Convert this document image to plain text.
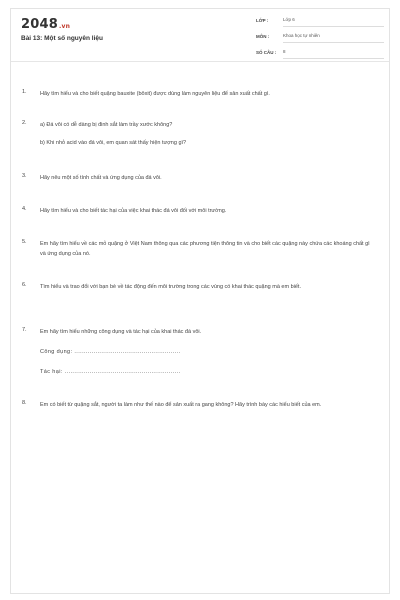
2048.vn
Bài 13: Một số nguyên liệu
LỚP :	Lớp 6
MÔN :	Khoa học tự nhiên
SỐ CÂU : 8
1. Hãy tìm hiểu và cho biết quặng bauxite (bôxit) được dùng làm nguyên liệu để sản xuất chất gì.
2. a) Đá vôi có dễ dàng bị đinh sắt làm trầy xước không?
b) Khi nhỏ acid vào đá vôi, em quan sát thấy hiện tượng gì?
3. Hãy nêu một số tính chất và ứng dụng của đá vôi.
4. Hãy tìm hiểu và cho biết tác hại của việc khai thác đá vôi đối với môi trường.
5. Em hãy tìm hiểu về các mỏ quặng ở Việt Nam thông qua các phương tiện thông tin và cho biết các quặng này chứa các khoáng chất gì và ứng dụng của nó.
6. Tìm hiểu và trao đổi với bạn bè về tác động đến môi trường trong các vùng có khai thác quặng mà em biết.
7. Em hãy tìm hiểu những công dụng và tác hại của khai thác đá vôi.
Công dụng: .......................................................
Tác hại: ............................................................
8. Em có biết từ quặng sắt, người ta làm như thế nào để sản xuất ra gang không? Hãy trình bày các hiểu biết của em.
